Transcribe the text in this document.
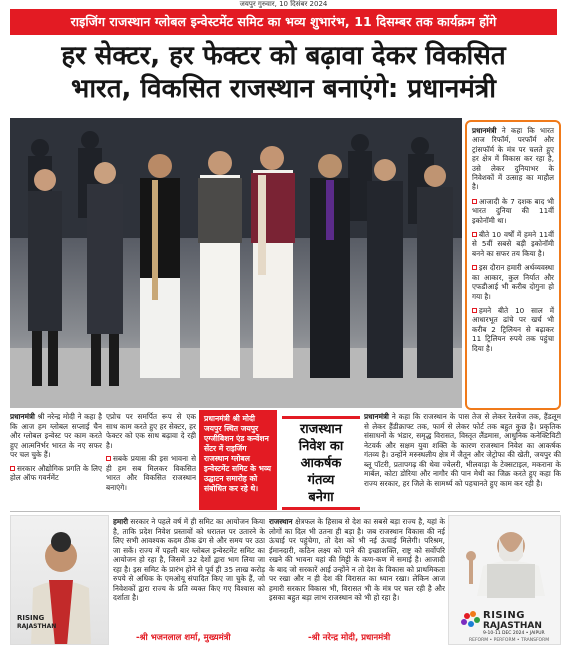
जयपुर गुरुवार, 10 दिसंबर 2024
राइजिंग राजस्थान ग्लोबल इन्वेस्टमेंट समिट का भव्य शुभारंभ, 11 दिसम्बर तक कार्यक्रम होंगे
हर सेक्टर, हर फेक्टर को बढ़ावा देकर विकसित
भारत, विकसित राजस्थान बनाएंगे: प्रधानमंत्री

प्रधानमंत्री ने कहा कि भारत आज रिफॉर्म, परफॉर्म और ट्रांसफॉर्म के मंत्र पर चलते हुए हर क्षेत्र में विकास कर रहा है, उसे लेकर दुनियाभर के निवेशकों में उत्साह का माहौल है।

आजादी के 7 दशक बाद भी भारत दुनिया की 11वीं इकोनॉमी था।

बीते 10 वर्षों में हमने 11वीं से 5वीं सबसे बड़ी इकोनॉमी बनने का सफर तय किया है।

इस दौरान हमारी अर्थव्यवस्था का आकार, कुल निर्यात और एफडीआई भी करीब दोगुना हो गया है।

हमने बीते 10 साल में आधारभूत ढांचे पर खर्च भी करीब 2 ट्रिलियन से बढ़ाकर 11 ट्रिलियन रुपये तक पहुंचा दिया है।

प्रधानमंत्री श्री नरेन्द्र मोदी ने कहा है कि आज हम ग्लोबल सप्लाई चैन और ग्लोबल इन्वेस्ट पर काम करते हुए आत्मनिर्भर भारत के नए सफर पर चल चुके हैं।

सरकार औद्योगिक प्रगति के लिए होल ऑफ गवर्नमेंट

एप्रोच पर समर्पित रूप से एक साथ काम करते हुए हर सेक्टर, हर फेक्टर को एक साथ बढ़ावा दे रही है।

सबके प्रयास की इस भावना से ही हम सब मिलकर विकसित भारत और विकसित राजस्थान बनाएंगे।

प्रधानमंत्री श्री मोदी जयपुर स्थित जयपुर एग्जीबिशन एंड कन्वेंशन सेंटर में राइजिंग राजस्थान ग्लोबल इन्वेस्टमेंट समिट के भव्य उद्घाटन समारोह को संबोधित कर रहे थे।
राजस्थान
निवेश का
आकर्षक
गंतव्य
बनेगा

प्रधानमंत्री ने कहा कि राजस्थान के पास तेज से लेकर रेलवेज तक, हैंडलूम से लेकर हैंडीक्राफ्ट तक, फार्म से लेकर फोर्ट तक बहुत कुछ है। प्रकृतिक संसाधनों के भंडार, समृद्ध विरासत, विस्तृत लैंडमास, आधुनिक कनेक्टिविटी नेटवर्क और सक्षम युवा शक्ति के कारण राजस्थान निवेश का आकर्षक गंतव्य है। उन्होंने मरुस्थलीय क्षेत्र में जैतून और जेट्रोफा की खेती, जयपुर की ब्लू पॉटरी, प्रतापगढ़ की थेवा ज्वेलरी, भीलवाड़ा के टेक्सटाइल, मकराना के मार्बल, कोटा डोरिया और नागौर की पान मेथी का जिक्र करते हुए कहा कि राज्य सरकार, हर जिले के सामर्थ्य को पहचानते हुए काम कर रही है।

RISING
RAJASTHAN

हमारी सरकार ने पहले वर्ष में ही समिट का आयोजन किया है, ताकि प्रदेश निवेश प्रस्तावों को धरातल पर उतारने के लिए सभी आवश्यक कदम ठीक ढंग से और समय पर उठा जा सकें। राज्य में पहली बार ग्लोबल इन्वेस्टमेंट समिट का आयोजन हो रहा है, जिसमें 32 देशों द्वारा भाग लिया जा रहा है। इस समिट के प्रारंभ होने से पूर्व ही 35 लाख करोड़ रुपये से अधिक के एमओयू संपादित किए जा चुके हैं, जो निवेशकों द्वारा राज्य के प्रति व्यक्त किए गए विश्वास को दर्शाता है।

-श्री भजनलाल शर्मा, मुख्यमंत्री

राजस्थान क्षेत्रफल के हिसाब से देश का सबसे बड़ा राज्य है, यहां के लोगों का दिल भी उतना ही बड़ा है। जब राजस्थान विकास की नई ऊंचाई पर पहुंचेगा, तो देश को भी नई ऊंचाई मिलेगी। परिश्रम, ईमानदारी, कठिन लक्ष्य को पाने की इच्छाशक्ति, राष्ट्र को सर्वोपरि रखने की भावना यहां की मिट्टी के कण-कण में समाई है। आजादी के बाद जो सरकारें आई उन्होंने न तो देश के विकास को प्राथमिकता पर रखा और न ही देश की विरासत का ध्यान रखा। लेकिन आज हमारी सरकार विकास भी, विरासत भी के मंत्र पर चल रही है और इसका बहुत बड़ा लाभ राजस्थान को भी हो रहा है।

-श्री नरेन्द्र मोदी, प्रधानमंत्री
RISING
RAJASTHAN
9-10-11 DEC 2024 • JAIPUR
REFORM • PERFORM • TRANSFORM
